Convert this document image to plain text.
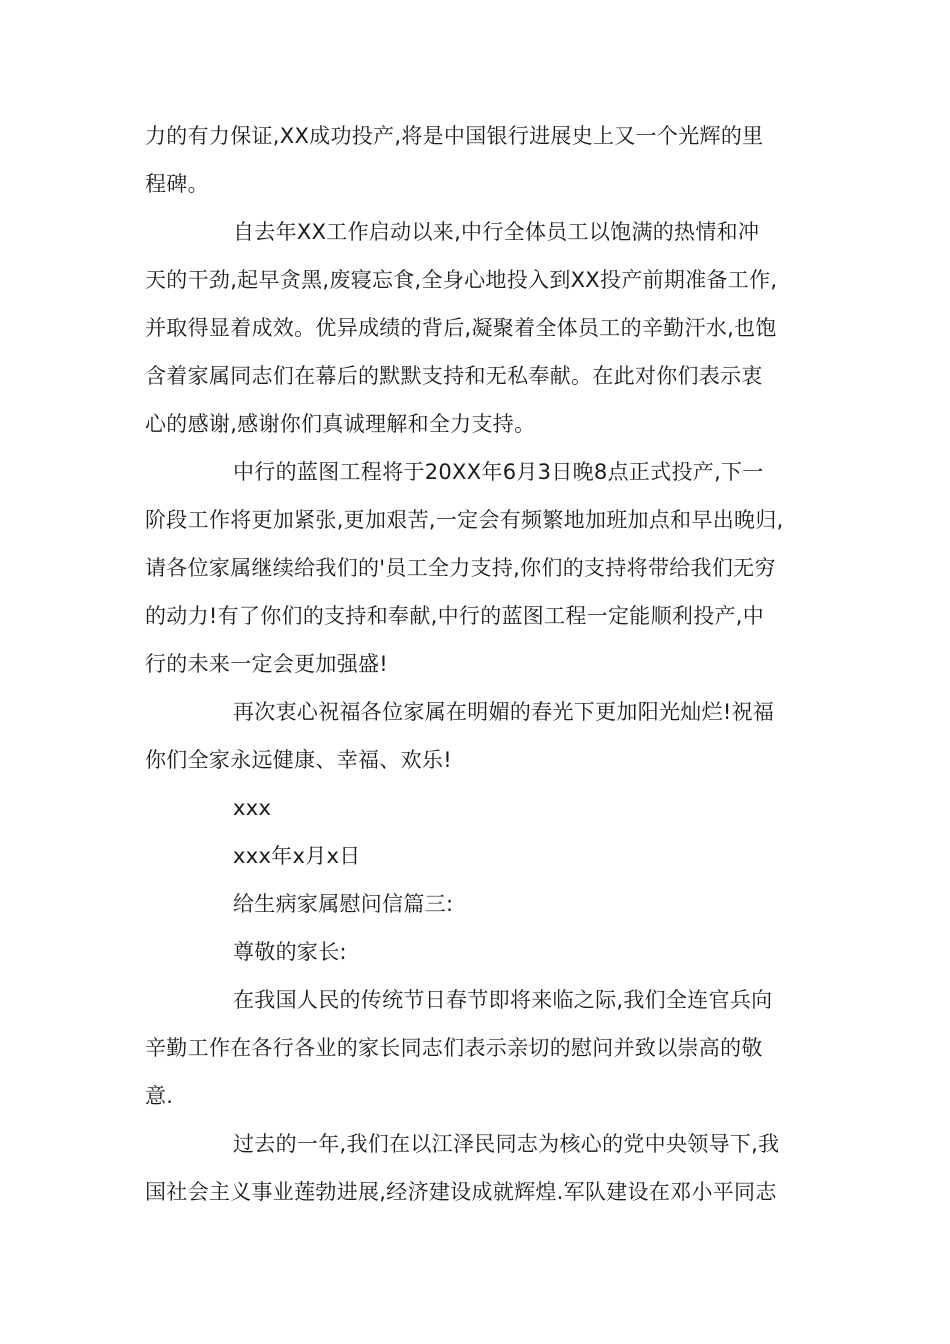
力的有力保证,XX成功投产,将是中国银行进展史上又一个光辉的里
程碑。
自去年XX工作启动以来,中行全体员工以饱满的热情和冲
天的干劲,起早贪黑,废寝忘食,全身心地投入到XX投产前期准备工作,
并取得显着成效。优异成绩的背后,凝聚着全体员工的辛勤汗水,也饱
含着家属同志们在幕后的默默支持和无私奉献。在此对你们表示衷
心的感谢,感谢你们真诚理解和全力支持。
中行的蓝图工程将于20XX年6月3日晚8点正式投产,下一
阶段工作将更加紧张,更加艰苦,一定会有频繁地加班加点和早出晚归,
请各位家属继续给我们的'员工全力支持,你们的支持将带给我们无穷
的动力!有了你们的支持和奉献,中行的蓝图工程一定能顺利投产,中
行的未来一定会更加强盛!
再次衷心祝福各位家属在明媚的春光下更加阳光灿烂!祝福
你们全家永远健康、幸福、欢乐!
xxx
xxx年x月x日
给生病家属慰问信篇三:
尊敬的家长:
在我国人民的传统节日春节即将来临之际,我们全连官兵向
辛勤工作在各行各业的家长同志们表示亲切的慰问并致以崇高的敬
意.
过去的一年,我们在以江泽民同志为核心的党中央领导下,我
国社会主义事业莲勃进展,经济建设成就辉煌.军队建设在邓小平同志
